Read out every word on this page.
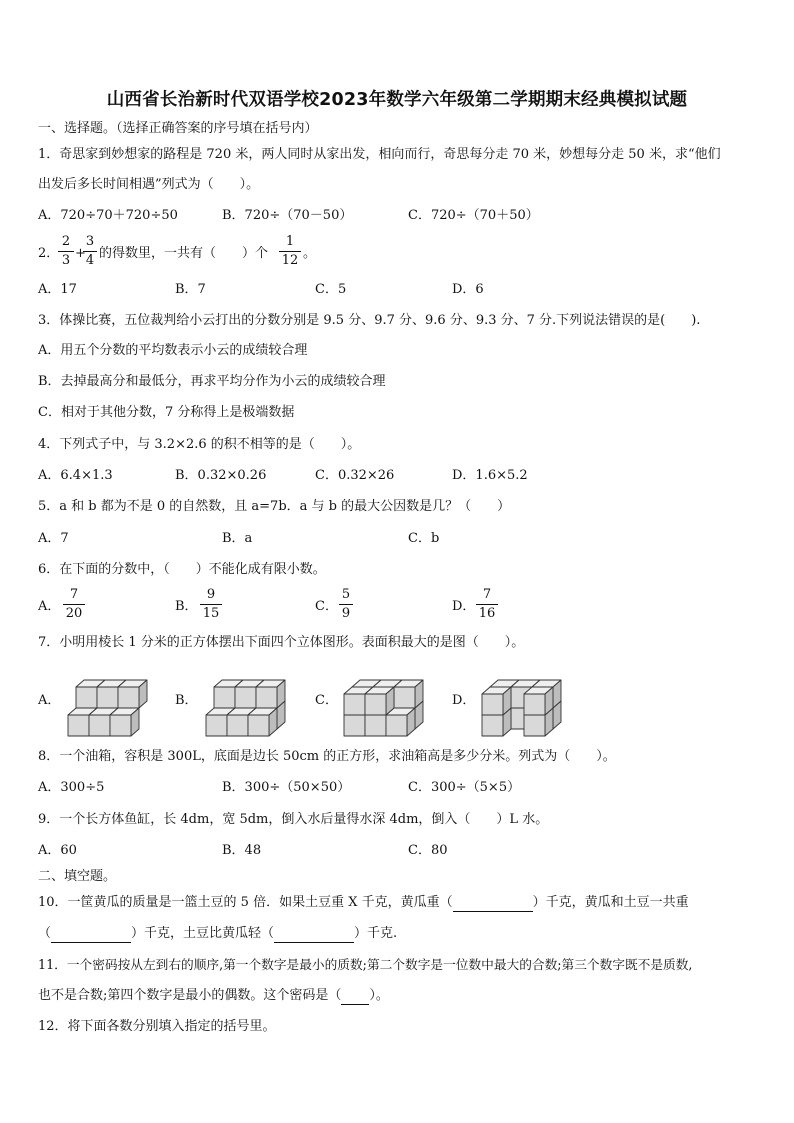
山西省长治新时代双语学校2023年数学六年级第二学期期末经典模拟试题
一、选择题。（选择正确答案的序号填在括号内）
1．奇思家到妙想家的路程是 720 米，两人同时从家出发，相向而行，奇思每分走 70 米，妙想每分走 50 米，求“他们
出发后多长时间相遇”列式为（　　）。
A．720÷70＋720÷50	B．720÷（70－50）	C．720÷（70＋50）
2．
2
3 +
3
4 的得数里，一共有（　　）个
1
12 。
A．17	B．7	C．5	D．6
3．体操比赛，五位裁判给小云打出的分数分别是 9.5 分、9.7 分、9.6 分、9.3 分、7 分.下列说法错误的是(　　).
A．用五个分数的平均数表示小云的成绩较合理
B．去掉最高分和最低分，再求平均分作为小云的成绩较合理
C．相对于其他分数，7 分称得上是极端数据
4．下列式子中，与 3.2×2.6 的积不相等的是（　　）。
A．6.4×1.3	B．0.32×0.26	C．0.32×26	D．1.6×5.2
5．a 和 b 都为不是 0 的自然数，且 a=7b．a 与 b 的最大公因数是几？（　　）
A．7	B．a	C．b
6．在下面的分数中，（　　）不能化成有限小数。
A．
7
20	B．
9
15	C．
5
9	D．
7
16
7．小明用棱长 1 分米的正方体摆出下面四个立体图形。表面积最大的是图（　　）。
A．	B．	C．	D．
8．一个油箱，容积是 300L，底面是边长 50cm 的正方形，求油箱高是多少分米。列式为（　　）。
A．300÷5	B．300÷（50×50）	C．300÷（5×5）
9．一个长方体鱼缸，长 4dm，宽 5dm，倒入水后量得水深 4dm，倒入（　　）L 水。
A．60	B．48	C．80
二、填空题。
10．一筐黄瓜的质量是一篮土豆的 5 倍．如果土豆重 X 千克，黄瓜重（	）千克，黄瓜和土豆一共重
（	）千克，土豆比黄瓜轻（	）千克.
11．一个密码按从左到右的顺序,第一个数字是最小的质数;第二个数字是一位数中最大的合数;第三个数字既不是质数,
也不是合数;第四个数字是最小的偶数。这个密码是（ ）。
12．将下面各数分别填入指定的括号里。
